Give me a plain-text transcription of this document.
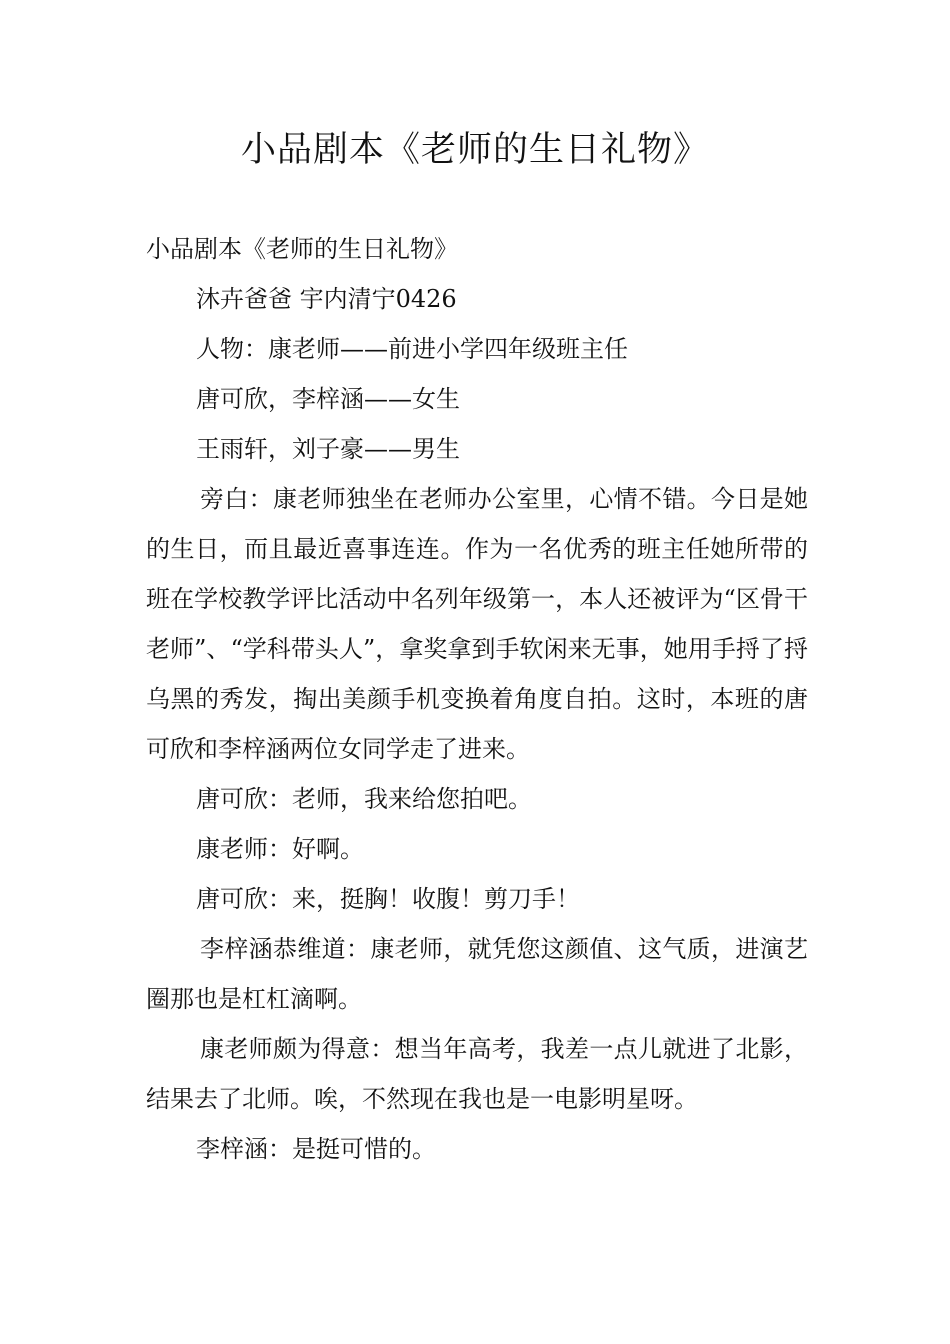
小品剧本《老师的生日礼物》

小品剧本《老师的生日礼物》

沐卉爸爸 宇内清宁0426

人物：康老师——前进小学四年级班主任

唐可欣，李梓涵——女生

王雨轩，刘子豪——男生

旁白：康老师独坐在老师办公室里，心情不错。今日是她的生日，而且最近喜事连连。作为一名优秀的班主任她所带的班在学校教学评比活动中名列年级第一，本人还被评为“区骨干老师”、“学科带头人”，拿奖拿到手软闲来无事，她用手捋了捋乌黑的秀发，掏出美颜手机变换着角度自拍。这时，本班的唐可欣和李梓涵两位女同学走了进来。

唐可欣：老师，我来给您拍吧。

康老师：好啊。

唐可欣：来，挺胸！收腹！剪刀手！

李梓涵恭维道：康老师，就凭您这颜值、这气质，进演艺圈那也是杠杠滴啊。

康老师颇为得意：想当年高考，我差一点儿就进了北影，结果去了北师。唉，不然现在我也是一电影明星呀。

李梓涵：是挺可惜的。
